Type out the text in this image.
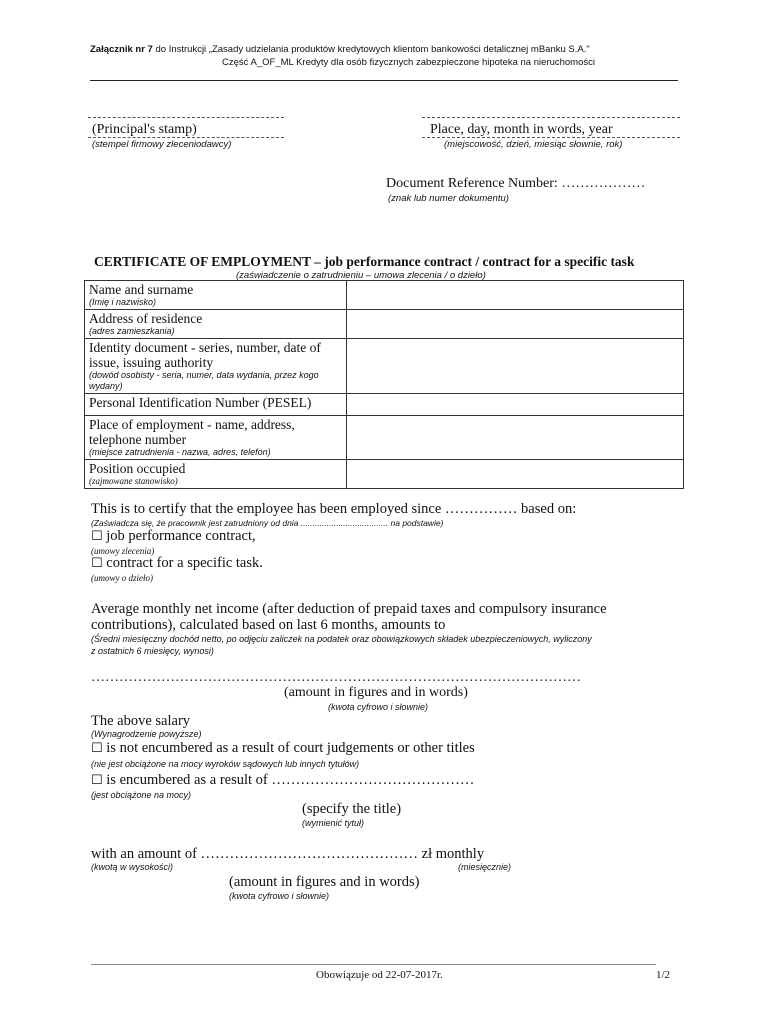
Załącznik nr 7 do Instrukcji „Zasady udzielania produktów kredytowych klientom bankowości detalicznej mBanku S.A."
Część A_OF_ML Kredyty dla osób fizycznych zabezpieczone hipoteka na nieruchomości
(Principal's stamp)
(stempel firmowy zleceniodawcy)
Place, day, month in words, year
(miejscowość, dzień, miesiąc słownie, rok)
Document Reference Number: ………………
(znak lub numer dokumentu)
CERTIFICATE OF EMPLOYMENT – job performance contract / contract for a specific task
(zaświadczenie o zatrudnieniu – umowa zlecenia / o dzieło)
Name and surname
(Imię i nazwisko)	

Address of residence
(adres zamieszkania)	

Identity document - series, number, date of issue, issuing authority
(dowód osobisty - seria, numer, data wydania, przez kogo wydany)	

Personal Identification Number (PESEL)	

Place of employment - name, address, telephone number
(miejsce zatrudnienia - nazwa, adres, telefon)	

Position occupied
(zajmowane stanowisko)	

This is to certify that the employee has been employed since …………… based on:
(Zaświadcza się, że pracownik jest zatrudniony od dnia ..................................... na podstawie)
☐ job performance contract,
(umowy zlecenia)
☐ contract for a specific task.
(umowy o dzieło)
Average monthly net income (after deduction of prepaid taxes and compulsory insurance
contributions), calculated based on last 6 months, amounts to
(Średni miesięczny dochód netto, po odjęciu zaliczek na podatek oraz obowiązkowych składek ubezpieczeniowych, wyliczony
z ostatnich 6 miesięcy, wynosi)
……………………………………………………………………………………………
(amount in figures and in words)
(kwota cyfrowo i słownie)
The above salary
(Wynagrodzenie powyższe)
☐ is not encumbered as a result of court judgements or other titles
(nie jest obciążone na mocy wyroków sądowych lub innych tytułów)
☐ is encumbered as a result of ……………………………………
(jest obciążone na mocy)
(specify the title)
(wymienić tytuł)
with an amount of ……………………………………… zł monthly
(kwotą w wysokości)	(miesięcznie)
(amount in figures and in words)
(kwota cyfrowo i słownie)
Obowiązuje od 22-07-2017r.	1/2
